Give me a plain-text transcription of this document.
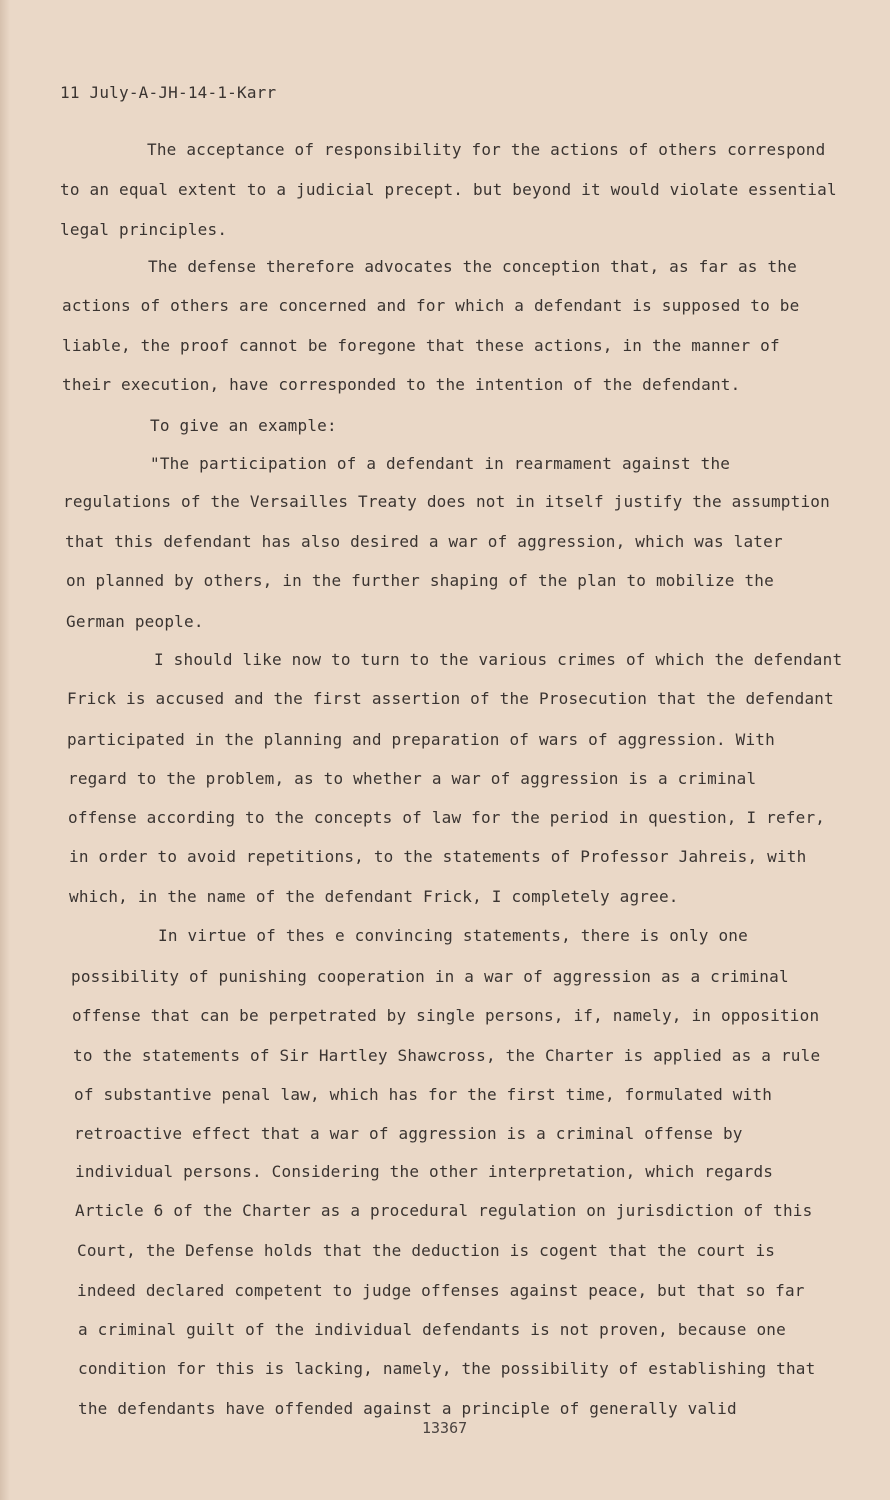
11 July-A-JH-14-1-Karr
The acceptance of responsibility for the actions of others correspond
to an equal extent to a judicial precept. but beyond it would violate essential
legal principles.
The defense therefore advocates the conception that, as far as the
actions of others are concerned and for which a defendant is supposed to be
liable, the proof cannot be foregone that these actions, in the manner of
their execution, have corresponded to the intention of the defendant.
To give an example:
"The participation of a defendant in rearmament against the
regulations of the Versailles Treaty does not in itself justify the assumption
that this defendant has also desired a war of aggression, which was later
on planned by others, in the further shaping of the plan to mobilize the
German people.
I should like now to turn to the various crimes of which the defendant
Frick is accused and the first assertion of the Prosecution that the defendant
participated in the planning and preparation of wars of aggression. With
regard to the problem, as to whether a war of aggression is a criminal
offense according to the concepts of law for the period in question, I refer,
in order to avoid repetitions, to the statements of Professor Jahreis, with
which, in the name of the defendant Frick, I completely agree.
In virtue of thes e convincing statements, there is only one
possibility of punishing cooperation in a war of aggression as a criminal
offense that can be perpetrated by single persons, if, namely, in opposition
to the statements of Sir Hartley Shawcross, the Charter is applied as a rule
of substantive penal law, which has for the first time, formulated with
retroactive effect that a war of aggression is a criminal offense by
individual persons. Considering the other interpretation, which regards
Article 6 of the Charter as a procedural regulation on jurisdiction of this
Court, the Defense holds that the deduction is cogent that the court is
indeed declared competent to judge offenses against peace, but that so far
a criminal guilt of the individual defendants is not proven, because one
condition for this is lacking, namely, the possibility of establishing that
the defendants have offended against a principle of generally valid
13367
